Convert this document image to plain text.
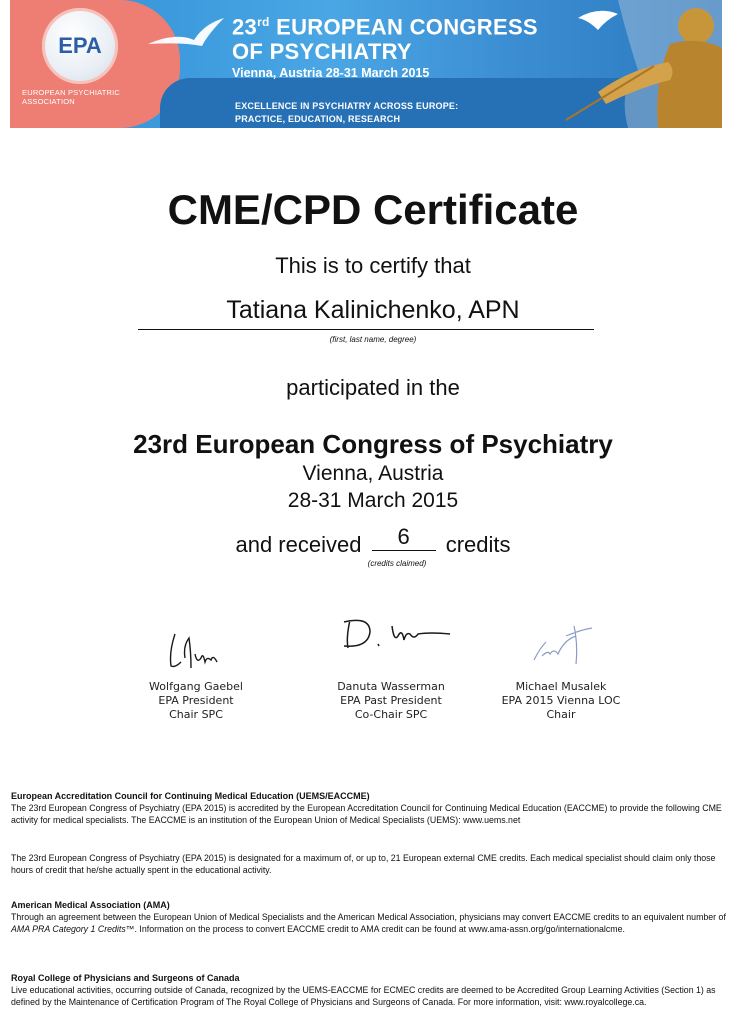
EPA
EUROPEAN PSYCHIATRIC ASSOCIATION
23rd EUROPEAN CONGRESS
OF PSYCHIATRY
Vienna, Austria 28-31 March 2015
EXCELLENCE IN PSYCHIATRY ACROSS EUROPE:
PRACTICE, EDUCATION, RESEARCH
CME/CPD Certificate
This is to certify that
Tatiana Kalinichenko, APN
(first, last name, degree)
participated in the
23rd European Congress of Psychiatry
Vienna, Austria
28-31 March 2015
and received 6 credits
(credits claimed)
Wolfgang Gaebel
EPA President
Chair SPC
Danuta Wasserman
EPA Past President
Co-Chair SPC
Michael Musalek
EPA 2015 Vienna LOC
Chair
European Accreditation Council for Continuing Medical Education (UEMS/EACCME)

The 23rd European Congress of Psychiatry (EPA 2015) is accredited by the European Accreditation Council for Continuing Medical Education (EACCME) to provide the following CME activity for medical specialists. The EACCME is an institution of the European Union of Medical Specialists (UEMS): www.uems.net

The 23rd European Congress of Psychiatry (EPA 2015) is designated for a maximum of, or up to, 21 European external CME credits. Each medical specialist should claim only those hours of credit that he/she actually spent in the educational activity.

American Medical Association (AMA)

Through an agreement between the European Union of Medical Specialists and the American Medical Association, physicians may convert EACCME credits to an equivalent number of AMA PRA Category 1 Credits™. Information on the process to convert EACCME credit to AMA credit can be found at www.ama-assn.org/go/internationalcme.

Royal College of Physicians and Surgeons of Canada

Live educational activities, occurring outside of Canada, recognized by the UEMS-EACCME for ECMEC credits are deemed to be Accredited Group Learning Activities (Section 1) as defined by the Maintenance of Certification Program of The Royal College of Physicians and Surgeons of Canada. For more information, visit: www.royalcollege.ca.
